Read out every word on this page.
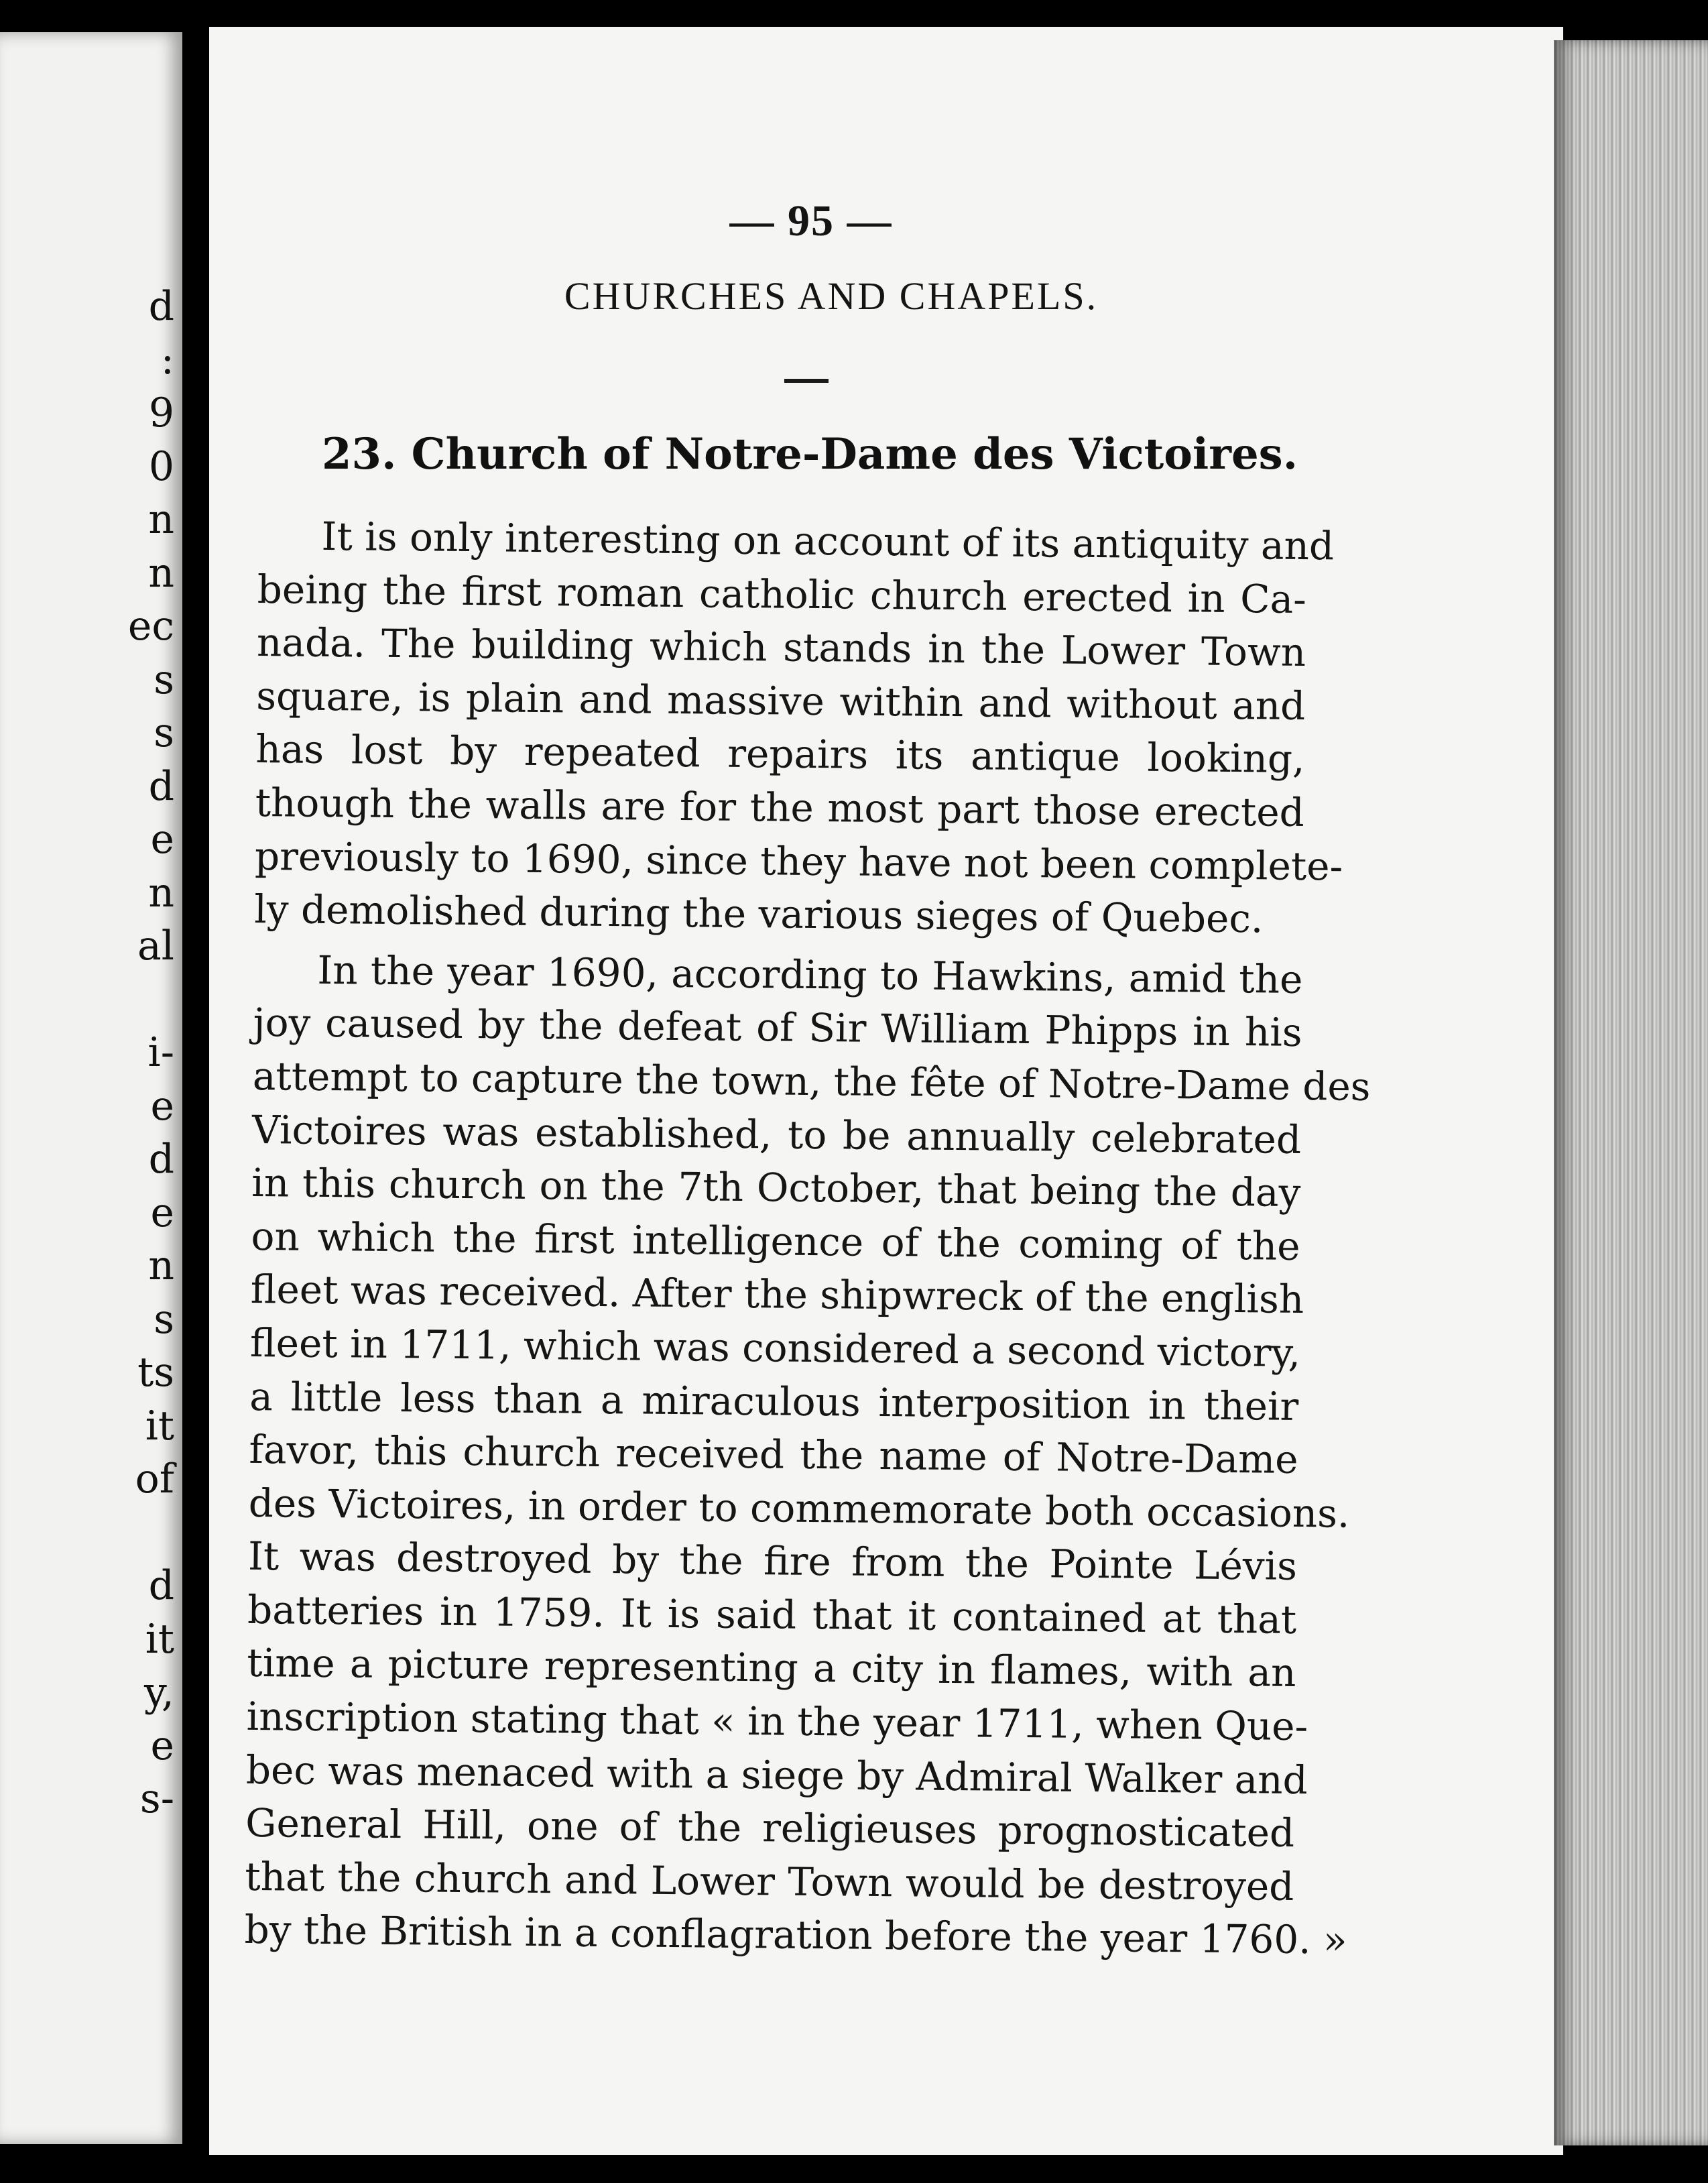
d
:
9
0
n
n
ec
s
s
d
e
n
al
i-
e
d
e
n
s
ts
it
of
d
it
y,
e
s-
— 95 —
CHURCHES AND CHAPELS.
23. Church of Notre-Dame des Victoires.
It is only interesting on account of its antiquity and
being the first roman catholic church erected in Ca-
nada. The building which stands in the Lower Town
square, is plain and massive within and without and
has lost by repeated repairs its antique looking,
though the walls are for the most part those erected
previously to 1690, since they have not been complete-
ly demolished during the various sieges of Quebec.
In the year 1690, according to Hawkins, amid the
joy caused by the defeat of Sir William Phipps in his
attempt to capture the town, the fête of Notre-Dame des
Victoires was established, to be annually celebrated
in this church on the 7th October, that being the day
on which the first intelligence of the coming of the
fleet was received. After the shipwreck of the english
fleet in 1711, which was considered a second victory,
a little less than a miraculous interposition in their
favor, this church received the name of Notre-Dame
des Victoires, in order to commemorate both occasions.
It was destroyed by the fire from the Pointe Lévis
batteries in 1759. It is said that it contained at that
time a picture representing a city in flames, with an
inscription stating that « in the year 1711, when Que-
bec was menaced with a siege by Admiral Walker and
General Hill, one of the religieuses prognosticated
that the church and Lower Town would be destroyed
by the British in a conflagration before the year 1760. »
